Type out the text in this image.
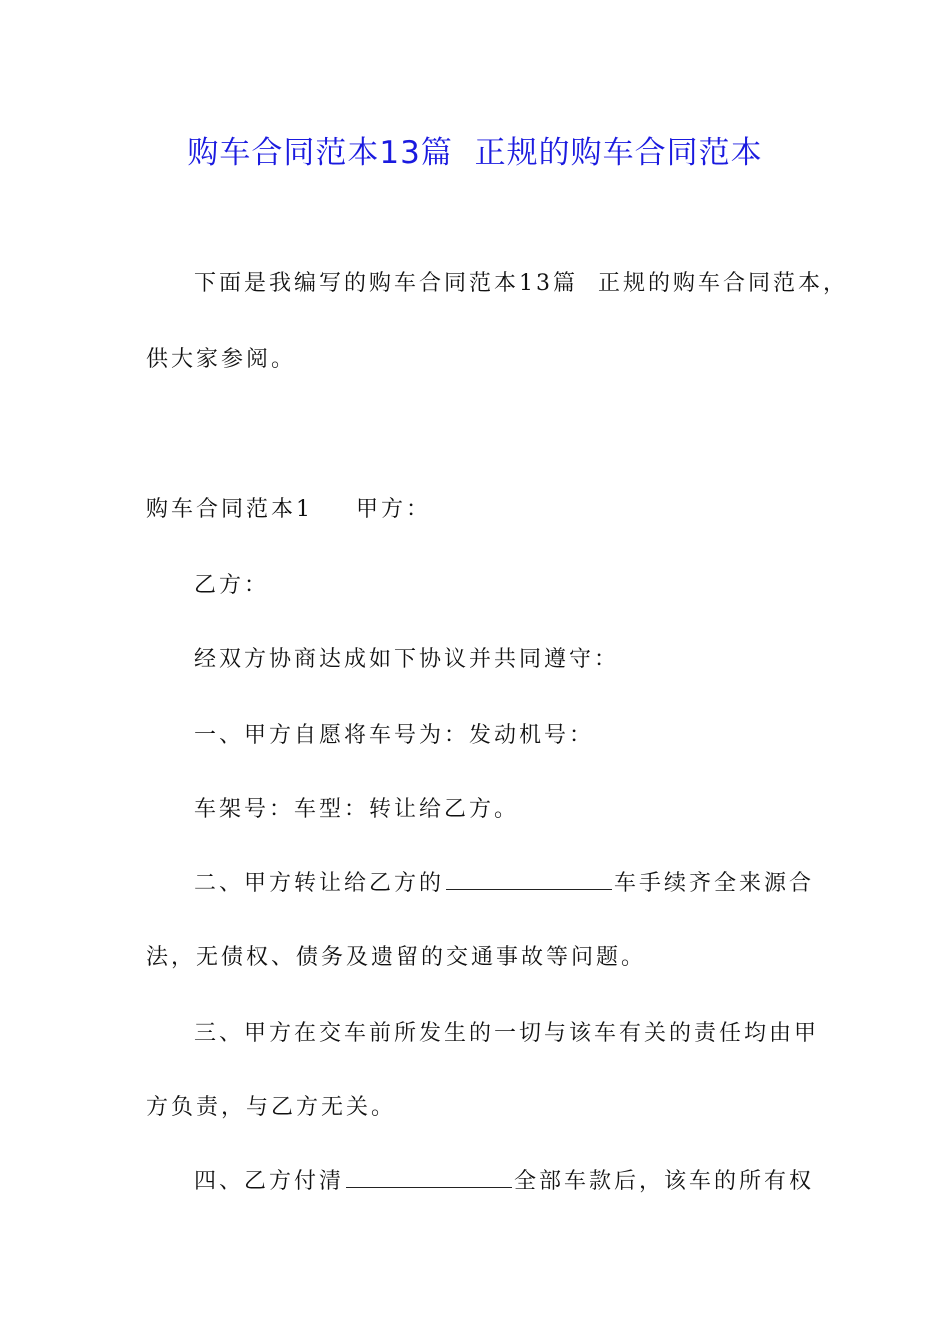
购车合同范本13篇  正规的购车合同范本
下面是我编写的购车合同范本13篇  正规的购车合同范本，
供大家参阅。
购车合同范本1 甲方：
乙方：
经双方协商达成如下协议并共同遵守：
一、甲方自愿将车号为：发动机号：
车架号：车型：转让给乙方。
二、甲方转让给乙方的	车手续齐全来源合
法，无债权、债务及遗留的交通事故等问题。
三、甲方在交车前所发生的一切与该车有关的责任均由甲
方负责，与乙方无关。
四、乙方付清	全部车款后，该车的所有权
